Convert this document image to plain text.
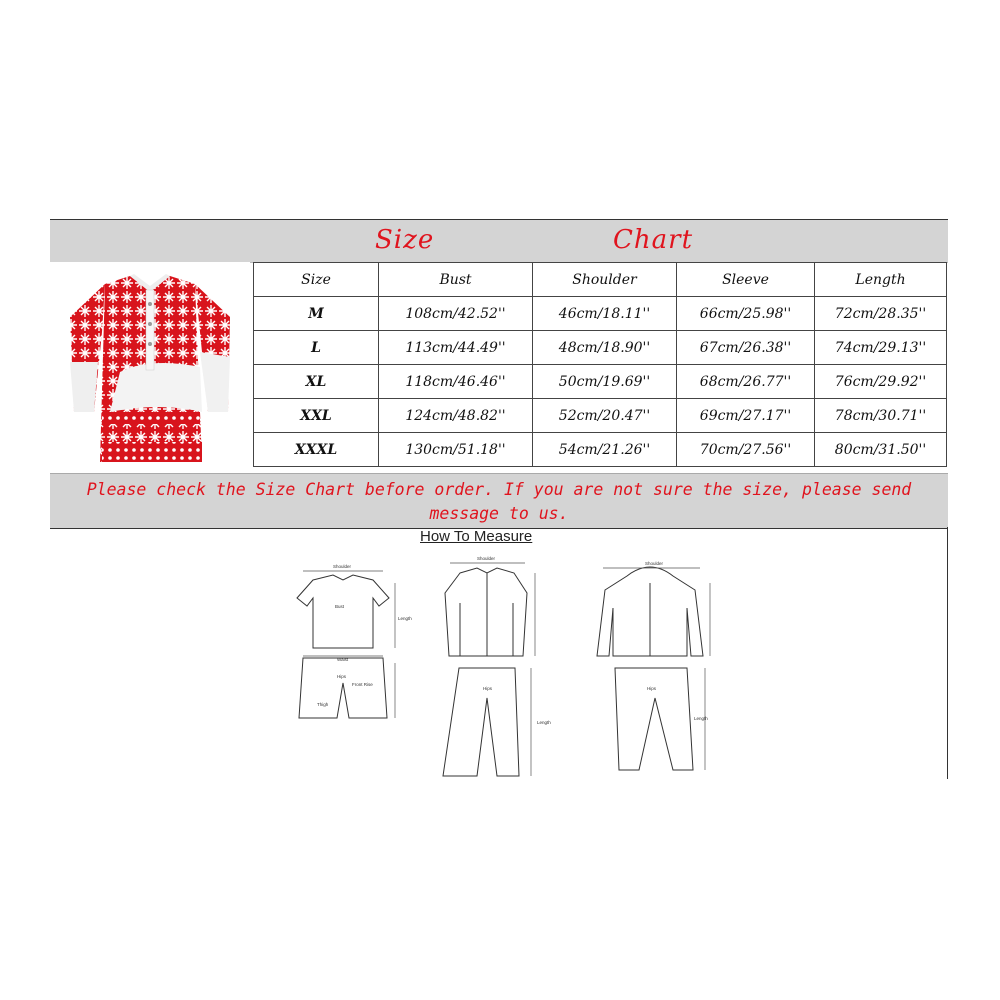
Size	Chart
Size	Bust	Shoulder	Sleeve	Length
M	108cm/42.52''	46cm/18.11''	66cm/25.98''	72cm/28.35''
L	113cm/44.49''	48cm/18.90''	67cm/26.38''	74cm/29.13''
XL	118cm/46.46''	50cm/19.69''	68cm/26.77''	76cm/29.92''
XXL	124cm/48.82''	52cm/20.47''	69cm/27.17''	78cm/30.71''
XXXL	130cm/51.18''	54cm/21.26''	70cm/27.56''	80cm/31.50''
Please check the Size Chart before order. If you are not sure the size, please send message to us.
How To Measure
Shoulder
Bust
Length
Waist
Hips
Front Rise
Thigh
Shoulder
Hips
Length
Shoulder
Hips
Length
